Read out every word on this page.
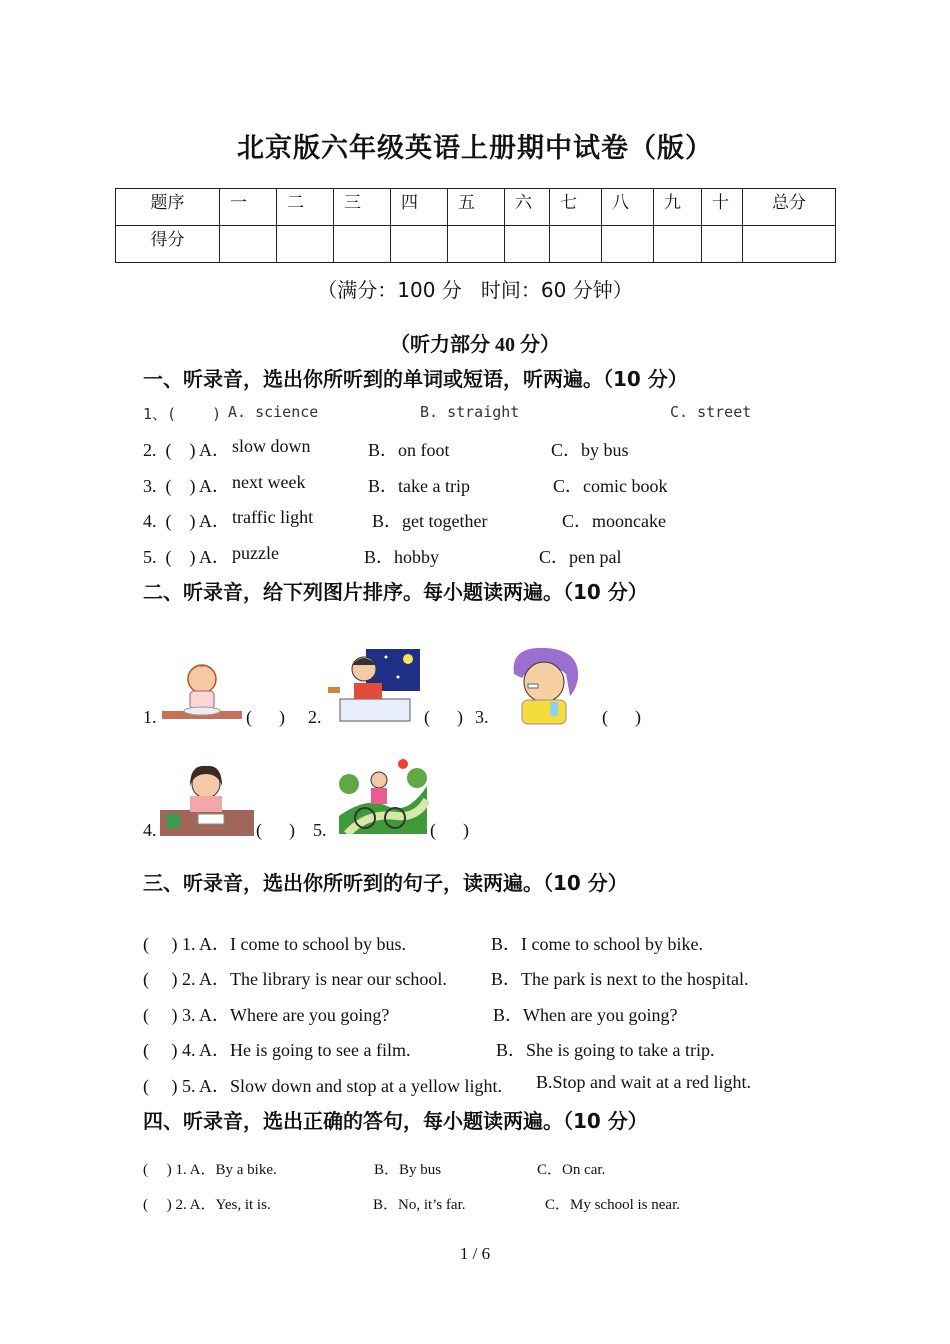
北京版六年级英语上册期中试卷（版）
题序	一	二	三	四	五	六	七	八	九	十	总分
得分											
（满分：100 分   时间：60 分钟）
（听力部分 40 分）
一、听录音，选出你所听到的单词或短语，听两遍。（10 分）
1、(    ) A. science	B. straight	C. street
2.  (    ) A． slow down	B．on foot	C．by bus
3.  (    ) A． next week	B．take a trip	C．comic book
4.  (    ) A． traffic light	B．get together	C．mooncake
5.  (    ) A． puzzle	B．hobby	C．pen pal
二、听录音，给下列图片排序。每小题读两遍。（10 分）
1.	(      ) 2.	(      ) 3.	(      )
4.	(      ) 5.	(      )
三、听录音，选出你所听到的句子，读两遍。（10 分）
(     ) 1. A．I come to school by bus.	B．I come to school by bike.
(     ) 2. A．The library is near our school. B．The park is next to the hospital.
(     ) 3. A．Where are you going?	B．When are you going?
(     ) 4. A．He is going to see a film.	B．She is going to take a trip.
(     ) 5. A．Slow down and stop at a yellow light. B.Stop and wait at a red light.
四、听录音，选出正确的答句，每小题读两遍。（10 分）
(     ) 1. A．By a bike.	B．By bus	C．On car.
(     ) 2. A．Yes, it is.	B．No, it’s far.	C．My school is near.
1 / 6
